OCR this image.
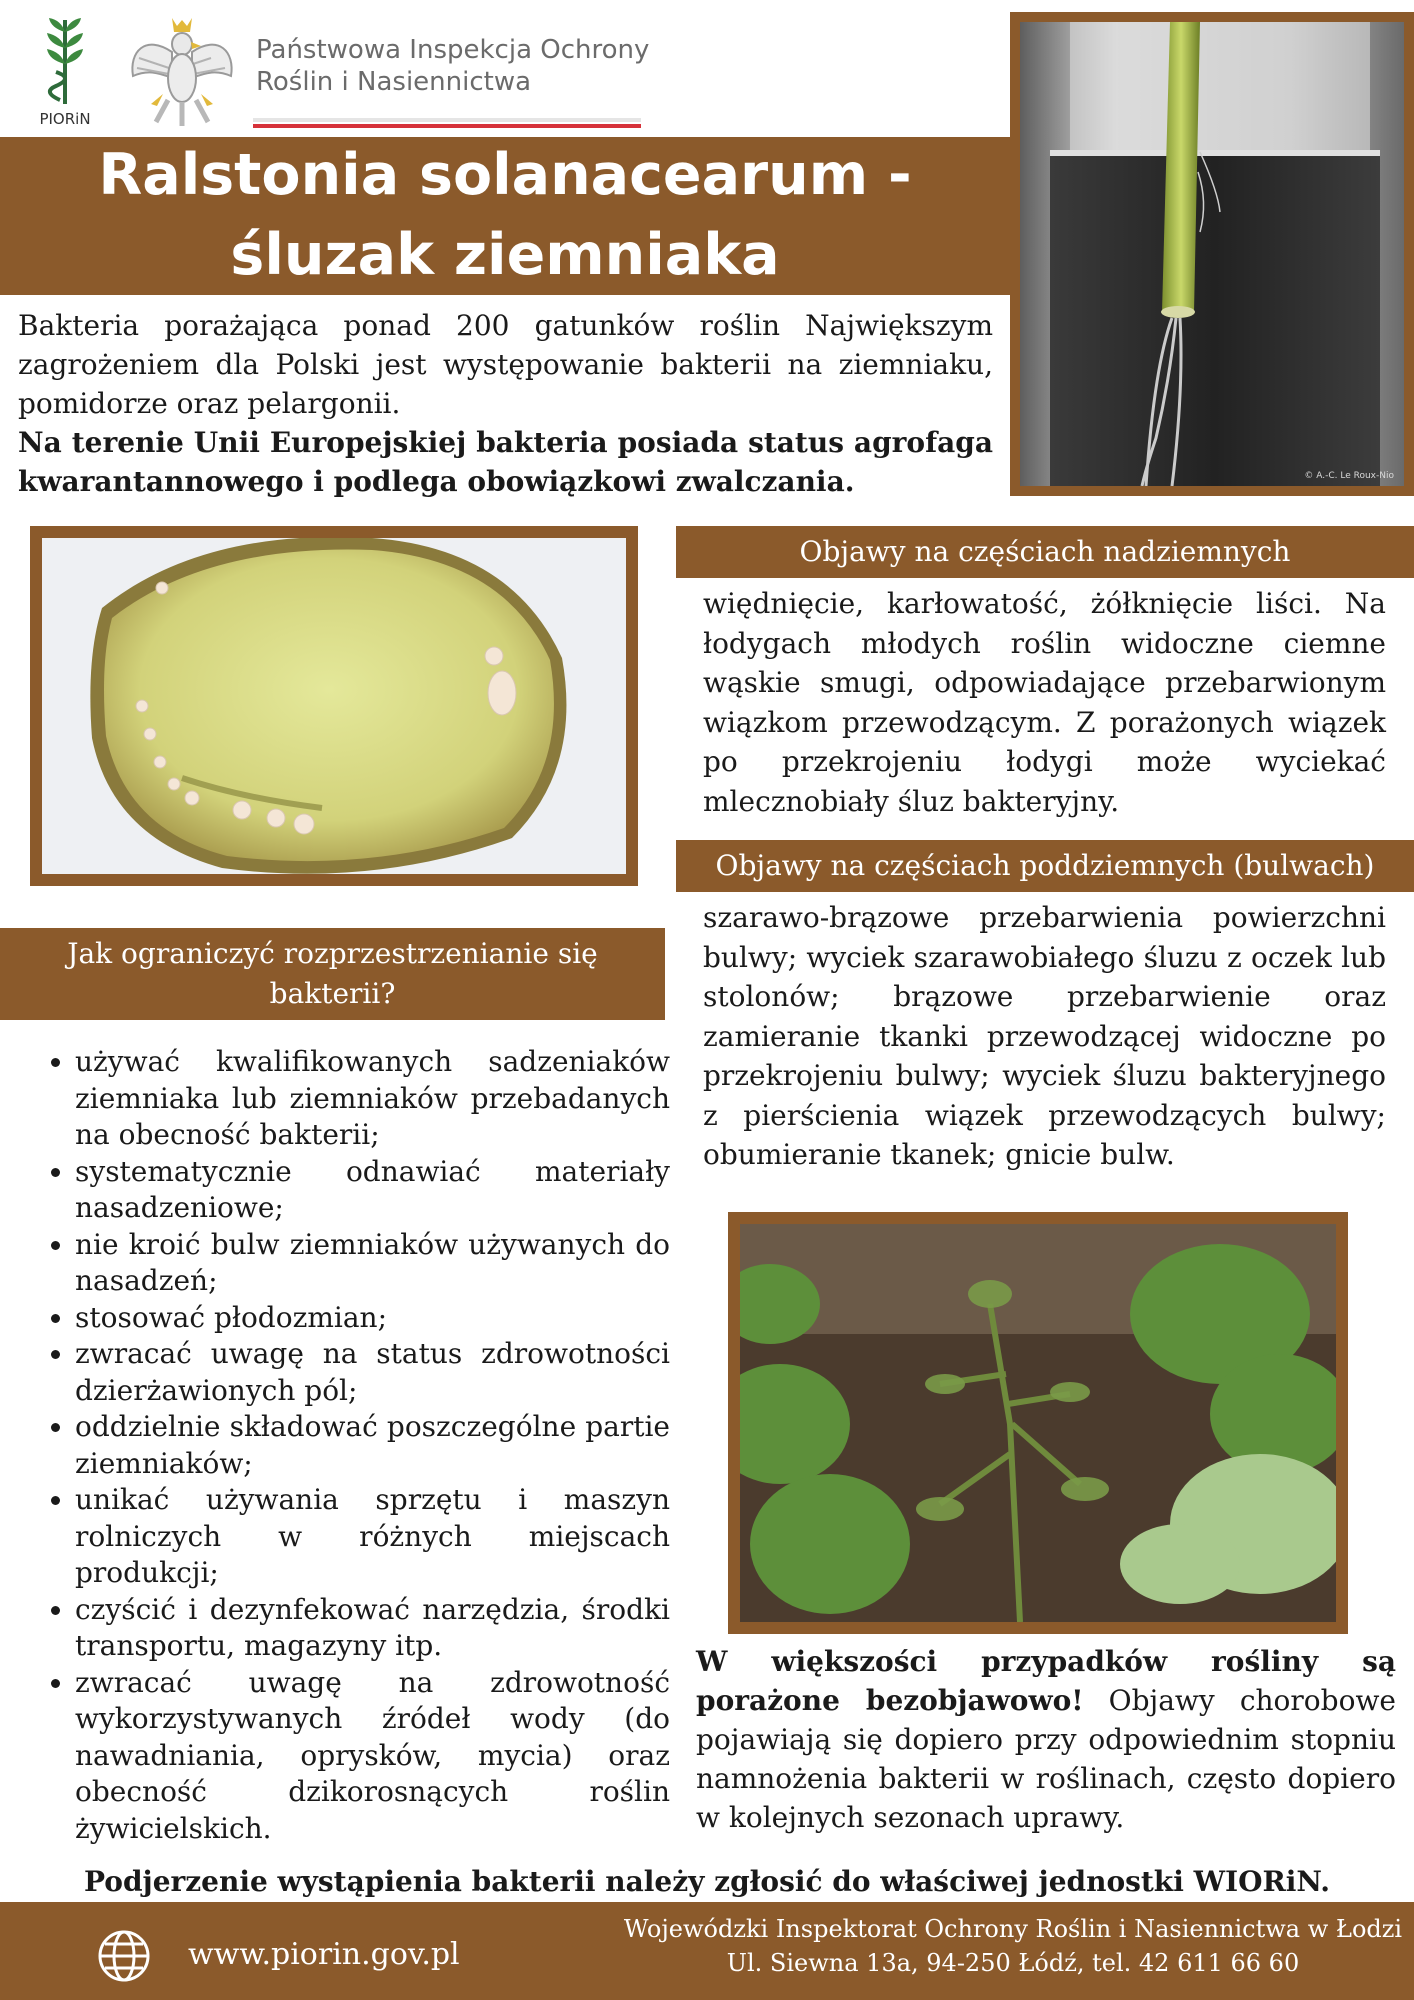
PIORiN
Państwowa Inspekcja Ochrony
Roślin i Nasiennictwa
Ralstonia solanacearum -
śluzak ziemniaka
© A.-C. Le Roux-Nio
Bakteria porażająca ponad 200 gatunków roślin Największym zagrożeniem dla Polski jest występowanie bakterii na ziemniaku, pomidorze oraz pelargonii.
Na terenie Unii Europejskiej bakteria posiada status agrofaga kwarantannowego i podlega obowiązkowi zwalczania.
Objawy na częściach nadziemnych
więdnięcie, karłowatość, żółknięcie liści. Na łodygach młodych roślin widoczne ciemne wąskie smugi, odpowiadające przebarwionym wiązkom przewodzącym. Z porażonych wiązek po przekrojeniu łodygi może wyciekać mlecznobiały śluz bakteryjny.
Objawy na częściach poddziemnych (bulwach)
szarawo-brązowe przebarwienia powierzchni bulwy; wyciek szarawobiałego śluzu z oczek lub stolonów; brązowe przebarwienie oraz zamieranie tkanki przewodzącej widoczne po przekrojeniu bulwy; wyciek śluzu bakteryjnego z pierścienia wiązek przewodzących bulwy; obumieranie tkanek; gnicie bulw.
Jak ograniczyć rozprzestrzenianie się bakterii?
• używać kwalifikowanych sadzeniaków ziemniaka lub ziemniaków przebadanych na obecność bakterii;
• systematycznie odnawiać materiały nasadzeniowe;
• nie kroić bulw ziemniaków używanych do nasadzeń;
• stosować płodozmian;
• zwracać uwagę na status zdrowotności dzierżawionych pól;
• oddzielnie składować poszczególne partie ziemniaków;
• unikać używania sprzętu i maszyn rolniczych w różnych miejscach produkcji;
• czyścić i dezynfekować narzędzia, środki transportu, magazyny itp.
• zwracać uwagę na zdrowotność wykorzystywanych źródeł wody (do nawadniania, oprysków, mycia) oraz obecność dzikorosnących roślin żywicielskich.
W większości przypadków rośliny są porażone bezobjawowo! Objawy chorobowe pojawiają się dopiero przy odpowiednim stopniu namnożenia bakterii w roślinach, często dopiero w kolejnych sezonach uprawy.
Podjerzenie wystąpienia bakterii należy zgłosić do właściwej jednostki WIORiN.
www.piorin.gov.pl
Wojewódzki Inspektorat Ochrony Roślin i Nasiennictwa w Łodzi
Ul. Siewna 13a, 94-250 Łódź, tel. 42 611 66 60
